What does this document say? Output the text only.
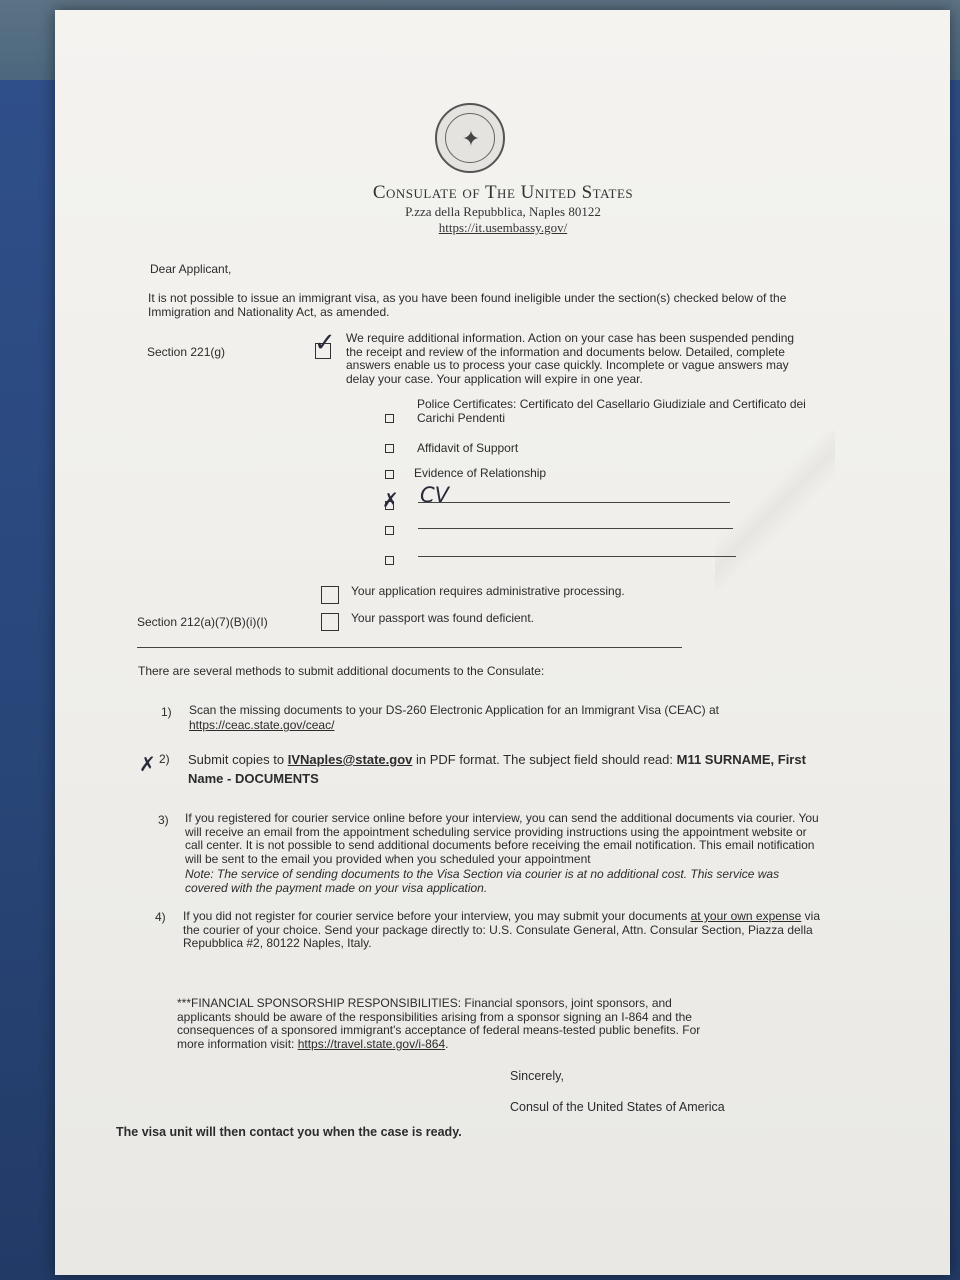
✦
Consulate of The United States
P.zza della Repubblica, Naples 80122
https://it.usembassy.gov/
Dear Applicant,
It is not possible to issue an immigrant visa, as you have been found ineligible under the section(s) checked below of the Immigration and Nationality Act, as amended.
Section 221(g)	✓ We require additional information. Action on your case has been suspended pending the receipt and review of the information and documents below. Detailed, complete answers enable us to process your case quickly. Incomplete or vague answers may delay your case. Your application will expire in one year.
Police Certificates: Certificato del Casellario Giudiziale and Certificato dei Carichi Pendenti
Affidavit of Support
Evidence of Relationship
✗ CV
Your application requires administrative processing.
Section 212(a)(7)(B)(i)(I)	Your passport was found deficient.
There are several methods to submit additional documents to the Consulate:
1) Scan the missing documents to your DS-260 Electronic Application for an Immigrant Visa (CEAC) at
https://ceac.state.gov/ceac/
✗ 2) Submit copies to IVNaples@state.gov in PDF format. The subject field should read: M11 SURNAME, First Name - DOCUMENTS
3) If you registered for courier service online before your interview, you can send the additional documents via courier. You will receive an email from the appointment scheduling service providing instructions using the appointment website or call center. It is not possible to send additional documents before receiving the email notification. This email notification will be sent to the email you provided when you scheduled your appointment
Note: The service of sending documents to the Visa Section via courier is at no additional cost. This service was covered with the payment made on your visa application.
4) If you did not register for courier service before your interview, you may submit your documents at your own expense via the courier of your choice. Send your package directly to: U.S. Consulate General, Attn. Consular Section, Piazza della Repubblica #2, 80122 Naples, Italy.
***FINANCIAL SPONSORSHIP RESPONSIBILITIES: Financial sponsors, joint sponsors, and applicants should be aware of the responsibilities arising from a sponsor signing an I-864 and the consequences of a sponsored immigrant's acceptance of federal means-tested public benefits. For more information visit: https://travel.state.gov/i-864.
Sincerely,
Consul of the United States of America
The visa unit will then contact you when the case is ready.
